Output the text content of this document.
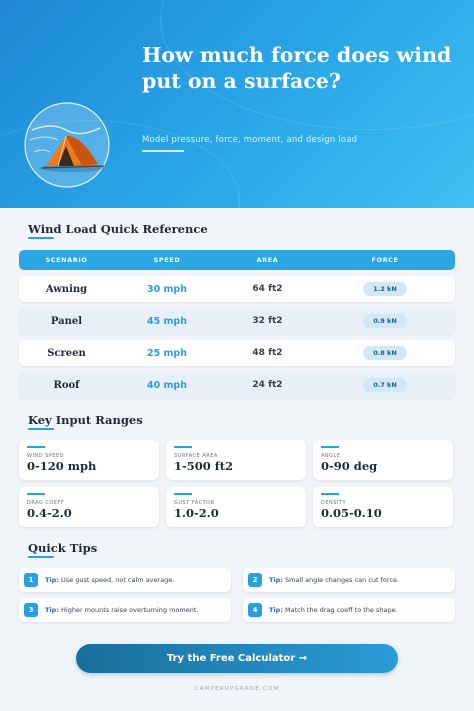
How much force does wind put on a surface?
Model pressure, force, moment, and design load
Wind Load Quick Reference
SCENARIO	SPEED	AREA	FORCE
Awning	30 mph	64 ft2	1.2 kN
Panel	45 mph	32 ft2	0.9 kN
Screen	25 mph	48 ft2	0.8 kN
Roof	40 mph	24 ft2	0.7 kN
Key Input Ranges
WIND SPEED
0-120 mph
SURFACE AREA
1-500 ft2
ANGLE
0-90 deg
DRAG COEFF
0.4-2.0
GUST FACTOR
1.0-2.0
DENSITY
0.05-0.10
Quick Tips
1	Tip: Use gust speed, not calm average.	2	Tip: Small angle changes can cut force.
3	Tip: Higher mounts raise overturning moment.	4	Tip: Match the drag coeff to the shape.
Try the Free Calculator →
CAMPERUPGRADE.COM
